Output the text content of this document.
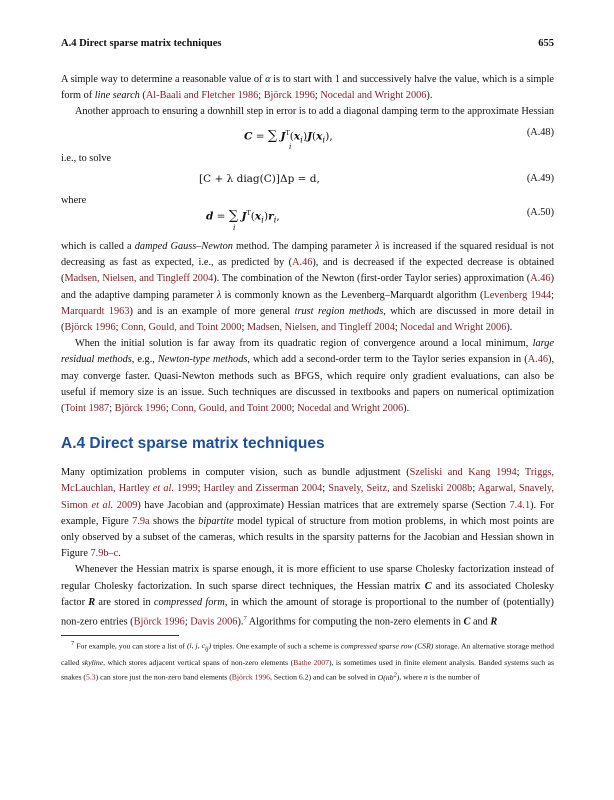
A.4 Direct sparse matrix techniques	655

A simple way to determine a reasonable value of α is to start with 1 and successively halve the value, which is a simple form of line search (Al-Baali and Fletcher 1986; Björck 1996; Nocedal and Wright 2006).

Another approach to ensuring a downhill step in error is to add a diagonal damping term to the approximate Hessian

C = ∑ $J^T(x_i)J(x_i)$,
i
(A.48)

i.e., to solve

[C + λ diag(C)]Δp = d,	(A.49)

where

d = ∑ $J^T(x_i)r_i$,
i
(A.50)

which is called a damped Gauss–Newton method. The damping parameter λ is increased if the squared residual is not decreasing as fast as expected, i.e., as predicted by (A.46), and is decreased if the expected decrease is obtained (Madsen, Nielsen, and Tingleff 2004). The combination of the Newton (first-order Taylor series) approximation (A.46) and the adaptive damping parameter λ is commonly known as the Levenberg–Marquardt algorithm (Levenberg 1944; Marquardt 1963) and is an example of more general trust region methods, which are discussed in more detail in (Björck 1996; Conn, Gould, and Toint 2000; Madsen, Nielsen, and Tingleff 2004; Nocedal and Wright 2006).

When the initial solution is far away from its quadratic region of convergence around a local minimum, large residual methods, e.g., Newton-type methods, which add a second-order term to the Taylor series expansion in (A.46), may converge faster. Quasi-Newton methods such as BFGS, which require only gradient evaluations, can also be useful if memory size is an issue. Such techniques are discussed in textbooks and papers on numerical optimization (Toint 1987; Björck 1996; Conn, Gould, and Toint 2000; Nocedal and Wright 2006).

A.4 Direct sparse matrix techniques

Many optimization problems in computer vision, such as bundle adjustment (Szeliski and Kang 1994; Triggs, McLauchlan, Hartley et al. 1999; Hartley and Zisserman 2004; Snavely, Seitz, and Szeliski 2008b; Agarwal, Snavely, Simon et al. 2009) have Jacobian and (approximate) Hessian matrices that are extremely sparse (Section 7.4.1). For example, Figure 7.9a shows the bipartite model typical of structure from motion problems, in which most points are only observed by a subset of the cameras, which results in the sparsity patterns for the Jacobian and Hessian shown in Figure 7.9b–c.

Whenever the Hessian matrix is sparse enough, it is more efficient to use sparse Cholesky factorization instead of regular Cholesky factorization. In such sparse direct techniques, the Hessian matrix C and its associated Cholesky factor R are stored in compressed form, in which the amount of storage is proportional to the number of (potentially) non-zero entries (Björck 1996; Davis 2006).$^7$ Algorithms for computing the non-zero elements in C and R

$^7$ For example, you can store a list of (i, j, $c_{ij}$) triples. One example of such a scheme is compressed sparse row (CSR) storage. An alternative storage method called skyline, which stores adjacent vertical spans of non-zero elements (Bathe 2007), is sometimes used in finite element analysis. Banded systems such as snakes (5.3) can store just the non-zero band elements (Björck 1996, Section 6.2) and can be solved in $O(nb^2)$, where n is the number of
